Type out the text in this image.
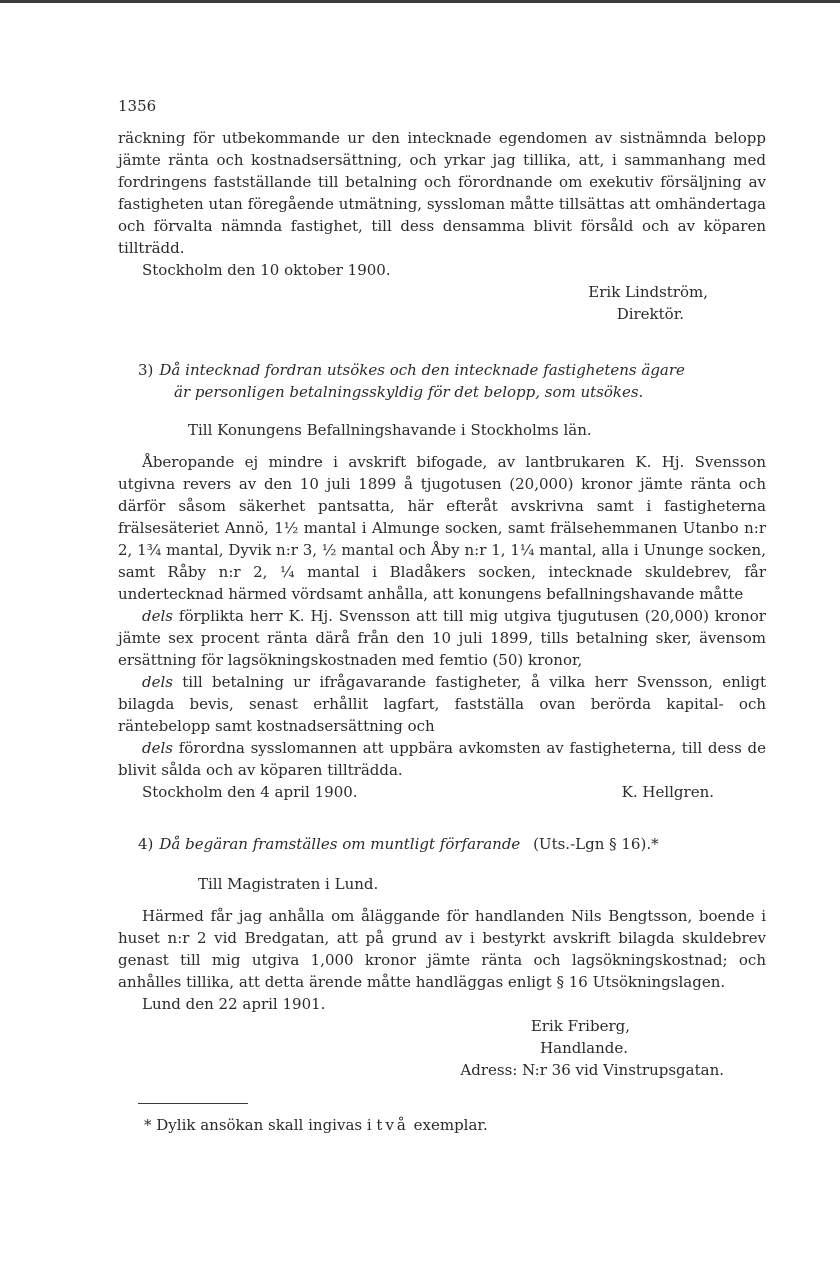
1356

räckning för utbekommande ur den intecknade egendomen av sistnämnda belopp jämte ränta och kostnadsersättning, och yrkar jag tillika, att, i sammanhang med fordringens fastställande till betalning och förordnande om exekutiv försäljning av fastigheten utan föregående utmätning, syssloman måtte tillsättas att omhändertaga och förvalta nämnda fastighet, till dess densamma blivit försåld och av köparen tillträdd.

Stockholm den 10 oktober 1900.

Erik Lindström,
Direktör.
3) Då intecknad fordran utsökes och den intecknade fastighetens ägare
är personligen betalningsskyldig för det belopp, som utsökes.
Till Konungens Befallningshavande i Stockholms län.

Åberopande ej mindre i avskrift bifogade, av lantbrukaren K. Hj. Svensson utgivna revers av den 10 juli 1899 å tjugotusen (20,000) kronor jämte ränta och därför såsom säkerhet pantsatta, här efteråt avskrivna samt i fastigheterna frälsesäteriet Annö, 1½ mantal i Almunge socken, samt frälsehemmanen Utanbo n:r 2, 1¾ mantal, Dyvik n:r 3, ½ mantal och Åby n:r 1, 1¼ mantal, alla i Ununge socken, samt Råby n:r 2, ¼ mantal i Bladåkers socken, intecknade skuldebrev, får undertecknad härmed vördsamt anhålla, att konungens befallningshavande måtte

dels förplikta herr K. Hj. Svensson att till mig utgiva tjugutusen (20,000) kronor jämte sex procent ränta därå från den 10 juli 1899, tills betalning sker, ävensom ersättning för lagsökningskostnaden med femtio (50) kronor,

dels till betalning ur ifrågavarande fastigheter, å vilka herr Svensson, enligt bilagda bevis, senast erhållit lagfart, fastställa ovan berörda kapital- och räntebelopp samt kostnadsersättning och

dels förordna sysslomannen att uppbära avkomsten av fastigheterna, till dess de blivit sålda och av köparen tillträdda.

Stockholm den 4 april 1900.	K. Hellgren.
4) Då begäran framställes om muntligt förfarande (Uts.-Lgn § 16).*
Till Magistraten i Lund.

Härmed får jag anhålla om åläggande för handlanden Nils Bengtsson, boende i huset n:r 2 vid Bredgatan, att på grund av i bestyrkt avskrift bilagda skuldebrev genast till mig utgiva 1,000 kronor jämte ränta och lagsökningskostnad; och anhålles tillika, att detta ärende måtte handläggas enligt § 16 Utsökningslagen.

Lund den 22 april 1901.

Erik Friberg,
Handlande.
Adress: N:r 36 vid Vinstrupsgatan.
* Dylik ansökan skall ingivas i två exemplar.
